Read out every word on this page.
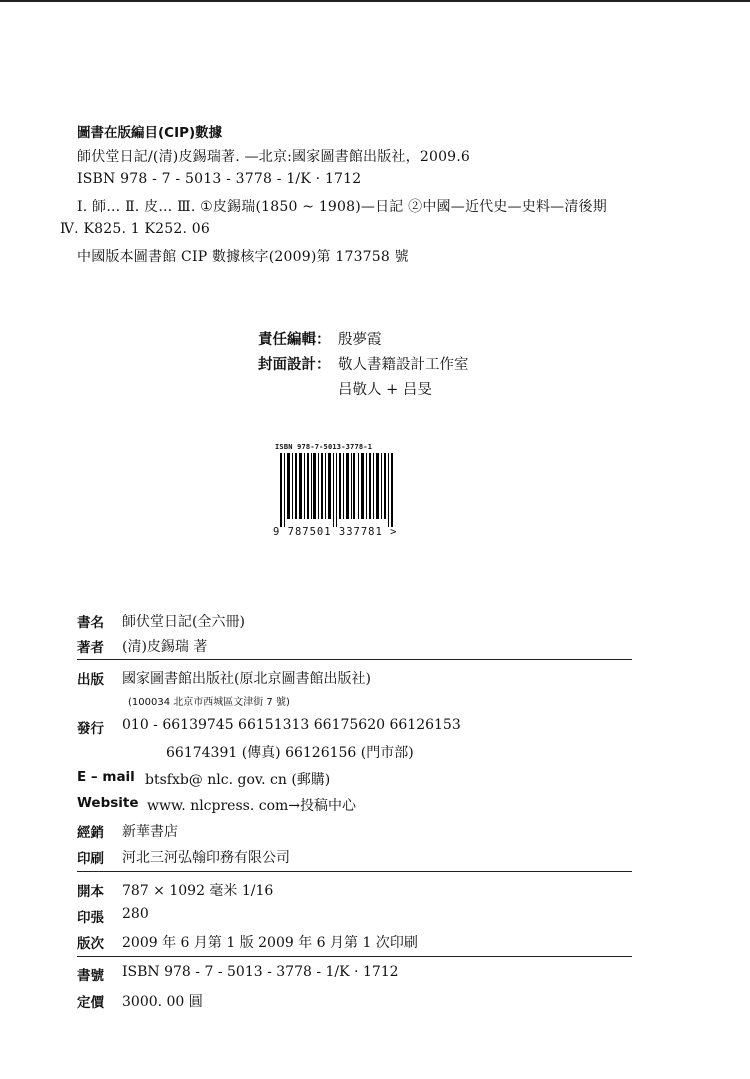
圖書在版編目(CIP)數據
師伏堂日記/(清)皮錫瑞著. —北京:國家圖書館出版社，2009.6
ISBN 978 - 7 - 5013 - 3778 - 1/K · 1712
Ⅰ. 師… Ⅱ. 皮… Ⅲ. ①皮錫瑞(1850 ~ 1908)—日記 ②中國—近代史—史料—清後期
Ⅳ. K825. 1 K252. 06
中國版本圖書館 CIP 數據核字(2009)第 173758 號
責任編輯： 殷夢霞
封面設計： 敬人書籍設計工作室
吕敬人 + 吕旻
ISBN 978-7-5013-3778-1
9 787501 337781 >
書名 師伏堂日記(全六冊)
著者 (清)皮錫瑞 著
出版 國家圖書館出版社(原北京圖書館出版社)
(100034 北京市西城區文津街 7 號)
發行 010 - 66139745 66151313 66175620 66126153
66174391 (傳真) 66126156 (門市部)
E – mail btsfxb@ nlc. gov. cn (郵購)
Website www. nlcpress. com→投稿中心
經銷 新華書店
印刷 河北三河弘翰印務有限公司
開本 787 × 1092 毫米 1/16
印張 280
版次 2009 年 6 月第 1 版 2009 年 6 月第 1 次印刷
書號 ISBN 978 - 7 - 5013 - 3778 - 1/K · 1712
定價 3000. 00 圓
